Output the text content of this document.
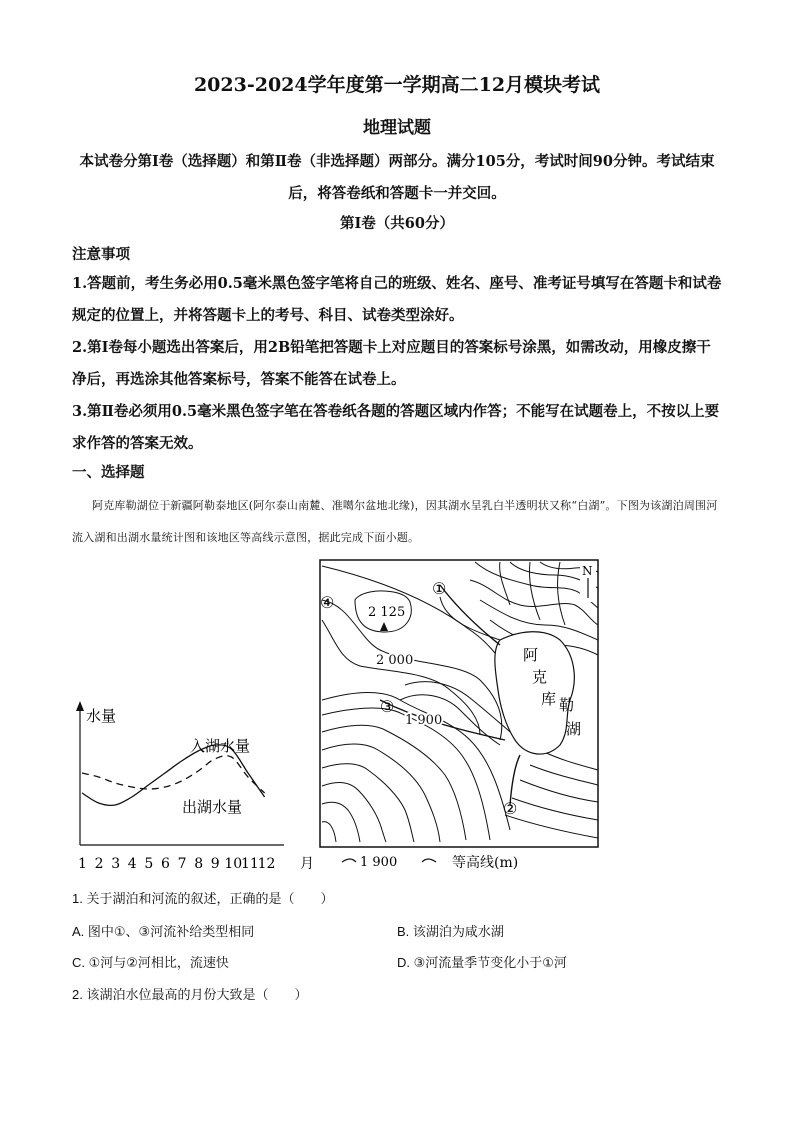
2023-2024学年度第一学期高二12月模块考试
地理试题
本试卷分第Ⅰ卷（选择题）和第Ⅱ卷（非选择题）两部分。满分105分，考试时间90分钟。考试结束后，将答卷纸和答题卡一并交回。
第Ⅰ卷（共60分）
注意事项

1.答题前，考生务必用0.5毫米黑色签字笔将自己的班级、姓名、座号、准考证号填写在答题卡和试卷规定的位置上，并将答题卡上的考号、科目、试卷类型涂好。

2.第Ⅰ卷每小题选出答案后，用2B铅笔把答题卡上对应题目的答案标号涂黑，如需改动，用橡皮擦干净后，再选涂其他答案标号，答案不能答在试卷上。

3.第Ⅱ卷必须用0.5毫米黑色签字笔在答卷纸各题的答题区域内作答；不能写在试题卷上，不按以上要求作答的答案无效。

一、选择题
阿克库勒湖位于新疆阿勒泰地区(阿尔泰山南麓、准噶尔盆地北缘)，因其湖水呈乳白半透明状又称“白湖”。下图为该湖泊周围河流入湖和出湖水量统计图和该地区等高线示意图，据此完成下面小题。
水量
月
1 2 3 4 5 6 7 8 9 10
11
12
入湖水量
出湖水量
①
②
③
④
2 125
2 000
1 900
阿
克
库 勒
湖
N
1 900	等高线(m)
1. 关于湖泊和河流的叙述，正确的是（　　）
A. 图中①、③河流补给类型相同	B. 该湖泊为咸水湖
C. ①河与②河相比，流速快	D. ③河流量季节变化小于①河
2. 该湖泊水位最高的月份大致是（　　）
